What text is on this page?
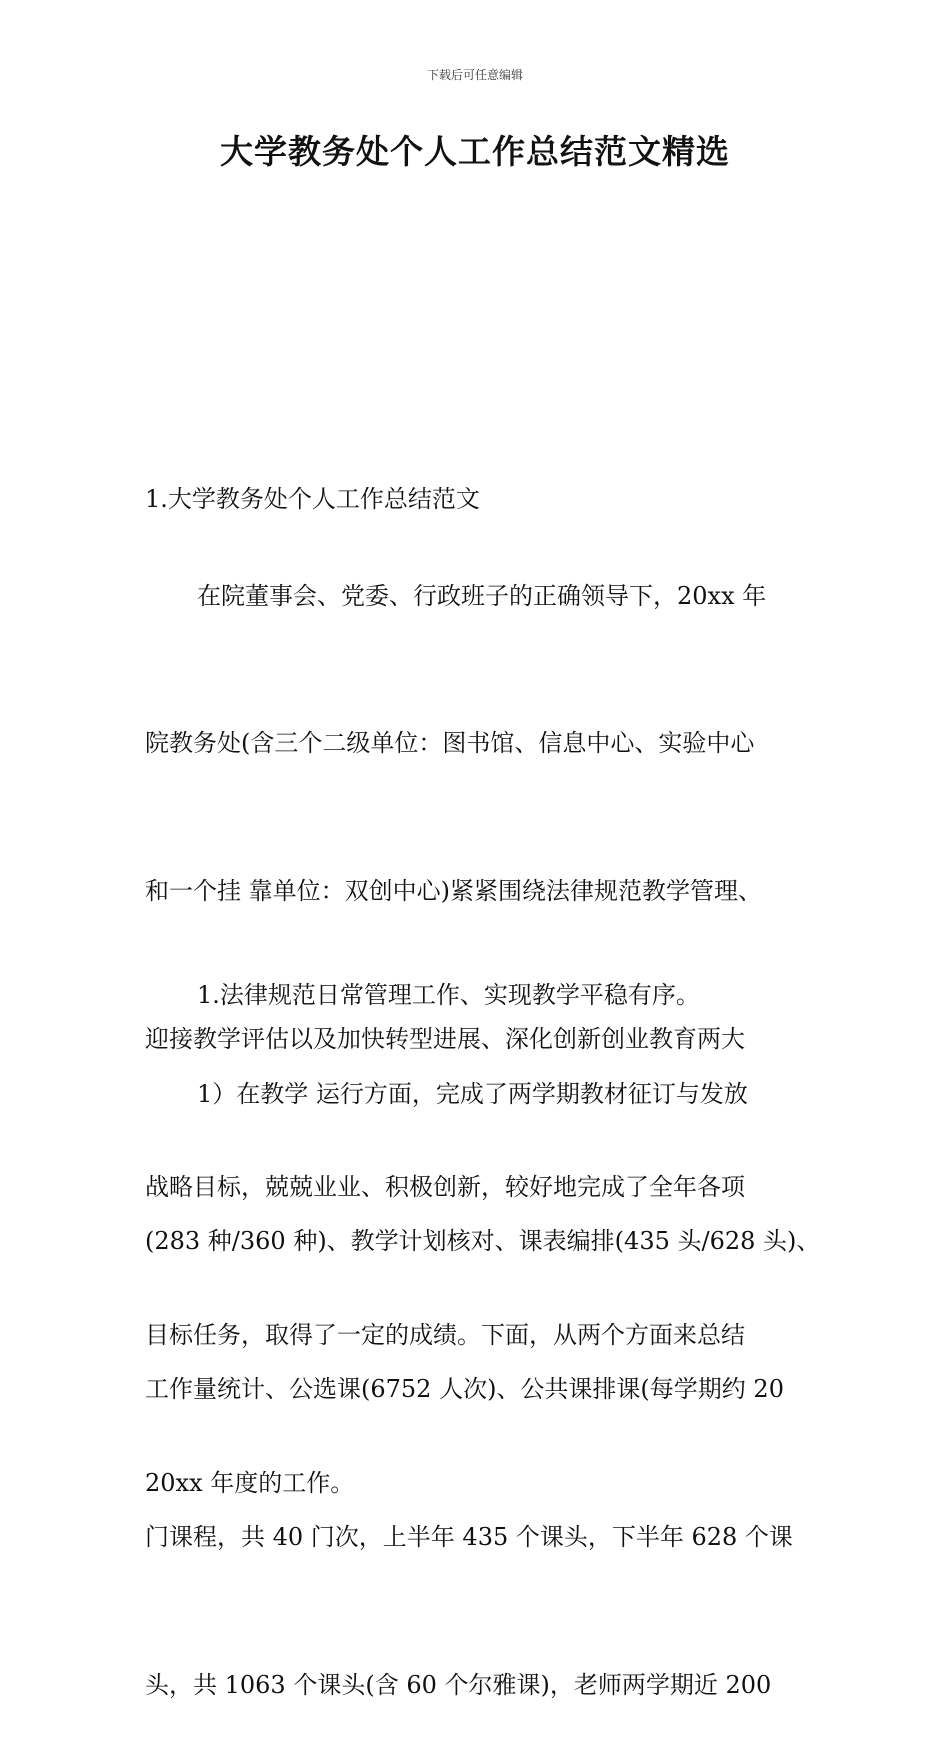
下载后可任意编辑
大学教务处个人工作总结范文精选

1.大学教务处个人工作总结范文

在院董事会、党委、行政班子的正确领导下，20xx 年

院教务处(含三个二级单位：图书馆、信息中心、实验中心

和一个挂 靠单位：双创中心)紧紧围绕法律规范教学管理、

迎接教学评估以及加快转型进展、深化创新创业教育两大

战略目标，兢兢业业、积极创新，较好地完成了全年各项

目标任务，取得了一定的成绩。下面，从两个方面来总结

20xx 年度的工作。

1.法律规范日常管理工作、实现教学平稳有序。

1）在教学 运行方面，完成了两学期教材征订与发放

(283 种/360 种)、教学计划核对、课表编排(435 头/628 头)、

工作量统计、公选课(6752 人次)、公共课排课(每学期约 20

门课程，共 40 门次，上半年 435 个课头，下半年 628 个课

头，共 1063 个课头(含 60 个尔雅课)，老师两学期近 200
